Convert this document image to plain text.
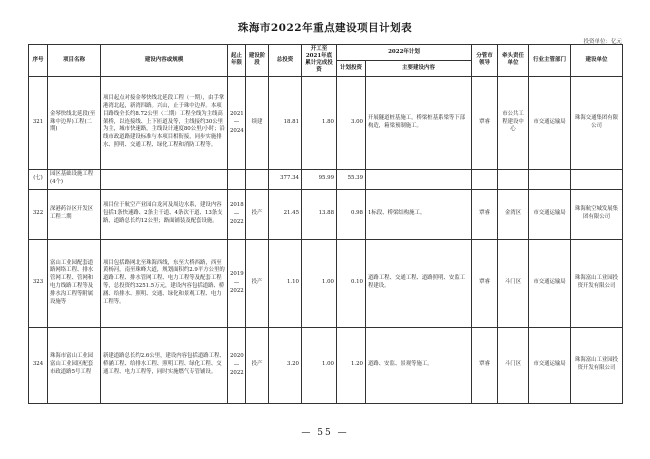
珠海市2022年重点建设项目计划表
投资单位：亿元
序号	项目名称	建设内容或规模	起止年限	建设阶段	总投资	开工至2021年底累计完成投资	2022年计划		分管市领导	牵头责任单位	行业主管部门	建设单位
							计划投资	主要建设内容				
321	金琴快线北延段(至珠中边界)工程(二期)	项目起点对接金琴快线北延段工程（一期），由手掌港湾北起，新湾四路。兴山，止于珠中边界。本项目路线全长约8.72公里（二期）工程全线为主线高架桥，以连接线、上下匝道及等，主线接约30公里为主，城市快速路，主线设计速度80公里/小时；沿线市政道路建设标准与本项目相衔接，同步实施排水、照明、交通工程、绿化工程和消防工程等。	2021
—
2024	续建	18.81	1.80	3.00	开展隧道桩基施工，桥梁桩基系梁等下部构造，箱梁预制施工。	覃睿	市公共工程建设中心	市交通运输局	珠海交通集团有限公司
(七)	园区基础设施工程(4个)				377.34	95.99	55.39					
322	深港药谷区开发区工程二期	项目位于航空产业园白龙河及周边水系，建设内容包括1条快速路、2条主干道、4条次干道、13条支路，道路总长约12公里；路面铺装及配套设施。	2018
—
2022	投产	21.45	13.88	0.98	1标段、桥梁结构施工。	覃睿	金湾区	市交通运输局	珠海航空城发展集团有限公司
323	富山工业园配套道路网络工程、排水管网工程、管网和电力线路工程等及排水沟工程等附属设施等	项目包括路网北至珠海西线，东至大桥西路，西至黄杨河，南至珠峰大道，规划面积约2.9平方公里的道路工程、排水管网工程、电力工程等及配套工程等，总投资约3251.5万元，建设内容包括道路、桥涵、给排水、照明、交通、绿化和景观工程、电力工程等。	2019
—
2022	投产	1.10	1.00	0.10	道路工程、交通工程、道路照明、安监工程建设。	覃睿	斗门区	市交通运输局	珠海富山工业园投资开发有限公司
324	珠海市富山工业园富山工业园区配套市政道路5号工程	新建道路总长约2.6公里，建设内容包括道路工程、桥涵工程、给排水工程、照明工程、绿化工程、交通工程、电力工程等，同时实施燃气专管铺设。	2020
—
2022	投产	3.20	1.00	1.20	道路、安监、景观等施工。	覃睿	斗门区	市交通运输局	珠海富山工业园投资开发有限公司
— 55 —
